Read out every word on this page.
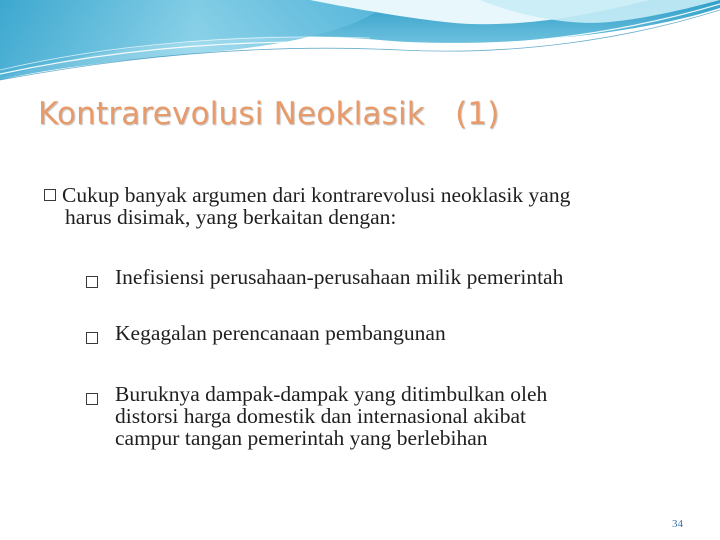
Kontrarevolusi Neoklasik   (1)
Cukup banyak argumen dari kontrarevolusi neoklasik yang
harus disimak, yang berkaitan dengan:
Inefisiensi perusahaan-perusahaan milik pemerintah
Kegagalan perencanaan pembangunan
Buruknya dampak-dampak yang ditimbulkan oleh
distorsi harga domestik dan internasional akibat
campur tangan pemerintah yang berlebihan
34
